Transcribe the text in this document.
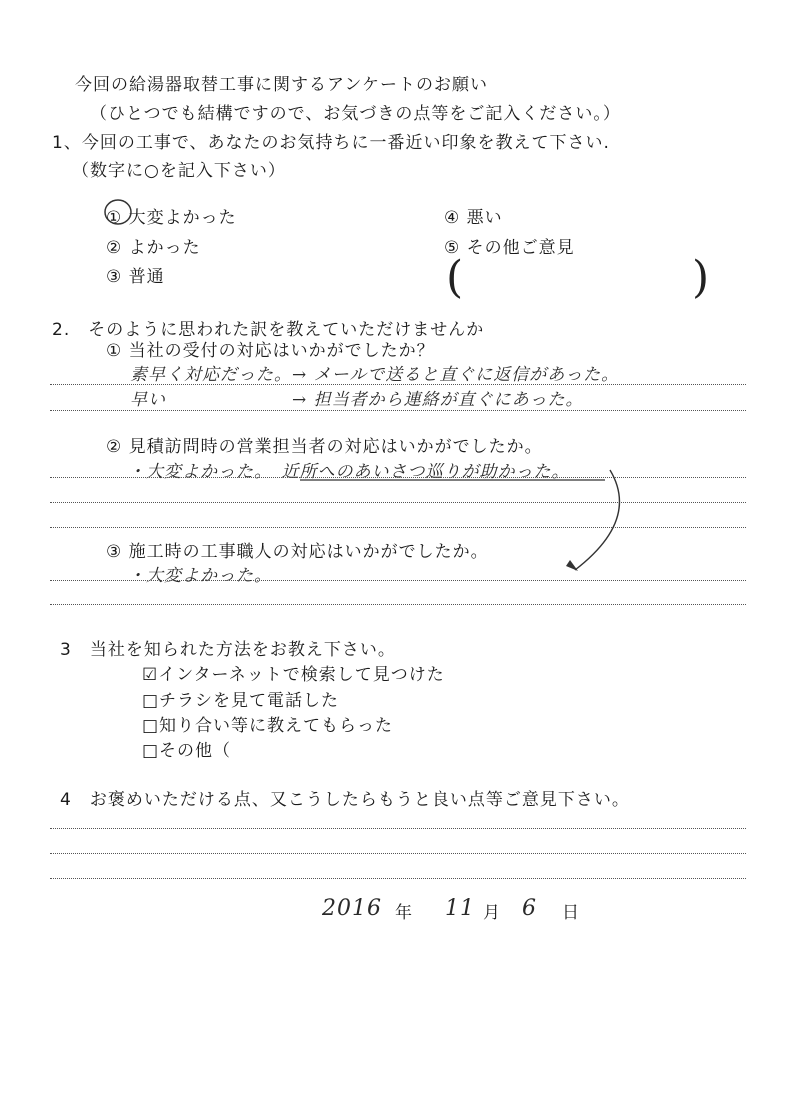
今回の給湯器取替工事に関するアンケートのお願い
（ひとつでも結構ですので、お気づきの点等をご記入ください。）
1、今回の工事で、あなたのお気持ちに一番近い印象を教えて下さい.
（数字に○を記入下さい）
① 大変よかった
② よかった
③ 普通
④ 悪い
⑤ その他ご意見
(	)
2.　そのように思われた訳を教えていただけませんか
① 当社の受付の対応はいかがでしたか？
素早く対応だった。→ メールで送ると直ぐに返信があった。
早い　　　　　　　→ 担当者から連絡が直ぐにあった。
② 見積訪問時の営業担当者の対応はいかがでしたか。
・大変よかった。　近所へのあいさつ巡りが助かった。
③ 施工時の工事職人の対応はいかがでしたか。
・大変よかった。
3　当社を知られた方法をお教え下さい。
☑インターネットで検索して見つけた
□チラシを見て電話した
□知り合い等に教えてもらった
□その他（
4　お褒めいただける点、又こうしたらもうと良い点等ご意見下さい。
2016 年 11 月 6 日
